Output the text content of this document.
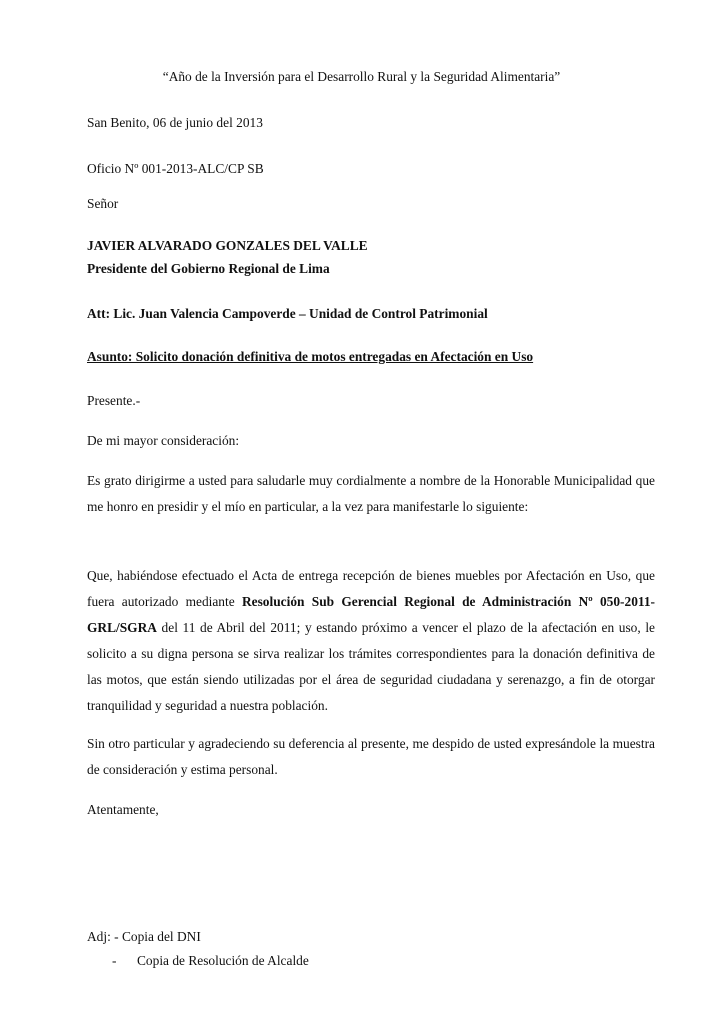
“Año de la Inversión para el Desarrollo Rural y la Seguridad Alimentaria”
San Benito, 06 de junio del 2013
Oficio Nº 001-2013-ALC/CP SB
Señor
JAVIER ALVARADO GONZALES DEL VALLE
Presidente del Gobierno Regional de Lima
Att: Lic. Juan Valencia Campoverde – Unidad de Control Patrimonial
Asunto: Solicito donación definitiva de motos entregadas en Afectación en Uso
Presente.-
De mi mayor consideración:
Es grato dirigirme a usted para saludarle muy cordialmente a nombre de la Honorable Municipalidad que me honro en presidir y el mío en particular, a la vez para manifestarle lo siguiente:
Que, habiéndose efectuado el Acta de entrega recepción de bienes muebles por Afectación en Uso, que fuera autorizado mediante Resolución Sub Gerencial Regional de Administración Nº 050-2011-GRL/SGRA del 11 de Abril del 2011; y estando próximo a vencer el plazo de la afectación en uso, le solicito a su digna persona se sirva realizar los trámites correspondientes para la donación definitiva de las motos, que están siendo utilizadas por el área de seguridad ciudadana y serenazgo, a fin de otorgar tranquilidad y seguridad a nuestra población.
Sin otro particular y agradeciendo su deferencia al presente, me despido de usted expresándole la muestra de consideración y estima personal.
Atentamente,
Adj: - Copia del DNI
- Copia de Resolución de Alcalde
